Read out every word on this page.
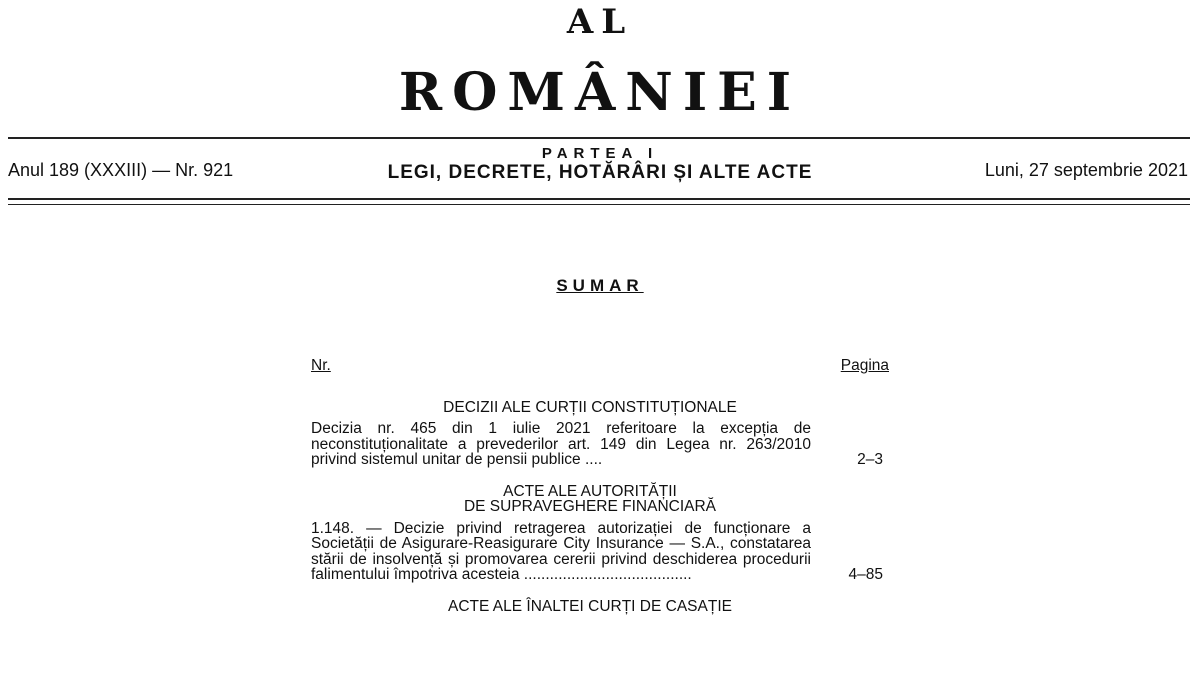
AL
ROMÂNIEI
Anul 189 (XXXIII) — Nr. 921
PARTEA I
LEGI, DECRETE, HOTĂRÂRI ȘI ALTE ACTE	Luni, 27 septembrie 2021
SUMAR
Nr.	Pagina
DECIZII ALE CURȚII CONSTITUȚIONALE
Decizia nr. 465 din 1 iulie 2021 referitoare la excepția de neconstituționalitate a prevederilor art. 149 din Legea nr. 263/2010 privind sistemul unitar de pensii publice ....	2–3
ACTE ALE AUTORITĂȚII
DE SUPRAVEGHERE FINANCIARĂ
1.148. — Decizie privind retragerea autorizației de funcționare a Societății de Asigurare-Reasigurare City Insurance — S.A., constatarea stării de insolvență și promovarea cererii privind deschiderea procedurii falimentului împotriva acesteia .......................................	4–85
ACTE ALE ÎNALTEI CURȚI DE CASAȚIE
